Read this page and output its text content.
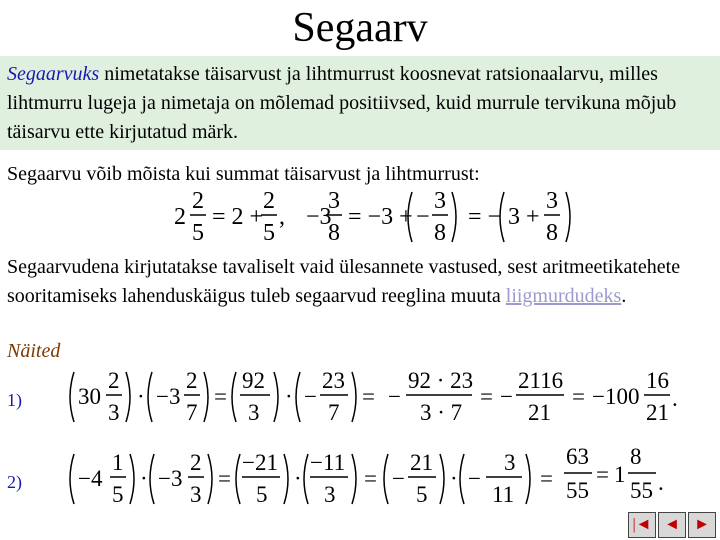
Segaarv
Segaarvuks nimetatakse täisarvust ja lihtmurrust koosnevat ratsionaalarvu, milles lihtmurru lugeja ja nimetaja on mõlemad positiivsed, kuid murrule tervikuna mõjub täisarvu ette kirjutatud märk.
Segaarvu võib mõista kui summat täisarvust ja lihtmurrust:
2
2
5
= 2 +
2
5
, −3
3
8
= −3 + −
3
8
= − 3 +
3
8
Segaarvudena kirjutatakse tavaliselt vaid ülesannete vastused, sest aritmeetikatehete sooritamiseks lahenduskäigus tuleb segaarvud reeglina muuta liigmurdudeks.
Näited
1)
2)
30
2
3
· −3
2
7
=
92
3
· −
23
7
= −
92 · 23
3 · 7
= −
2116
21
= −100
16
21
.
−4
1
5
· −3
2
3
=
−21
5
·
−11
3
= −
21
5
· −
3
11
=
63
55
= 1
8
55 .
|◄ ◄ ►
